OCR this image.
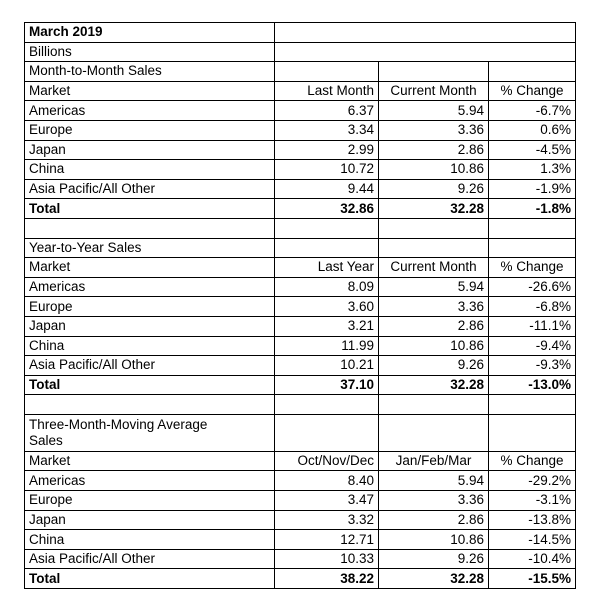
March 2019			
Billions			
Month-to-Month Sales			
Market	Last Month	Current Month	% Change
Americas	6.37	5.94	-6.7%
Europe	3.34	3.36	0.6%
Japan	2.99	2.86	-4.5%
China	10.72	10.86	1.3%
Asia Pacific/All Other	9.44	9.26	-1.9%
Total	32.86	32.28	-1.8%

Year-to-Year Sales			
Market	Last Year	Current Month	% Change
Americas	8.09	5.94	-26.6%
Europe	3.60	3.36	-6.8%
Japan	3.21	2.86	-11.1%
China	11.99	10.86	-9.4%
Asia Pacific/All Other	10.21	9.26	-9.3%
Total	37.10	32.28	-13.0%

Three-Month-Moving Average Sales			
Market	Oct/Nov/Dec	Jan/Feb/Mar	% Change
Americas	8.40	5.94	-29.2%
Europe	3.47	3.36	-3.1%
Japan	3.32	2.86	-13.8%
China	12.71	10.86	-14.5%
Asia Pacific/All Other	10.33	9.26	-10.4%
Total	38.22	32.28	-15.5%
